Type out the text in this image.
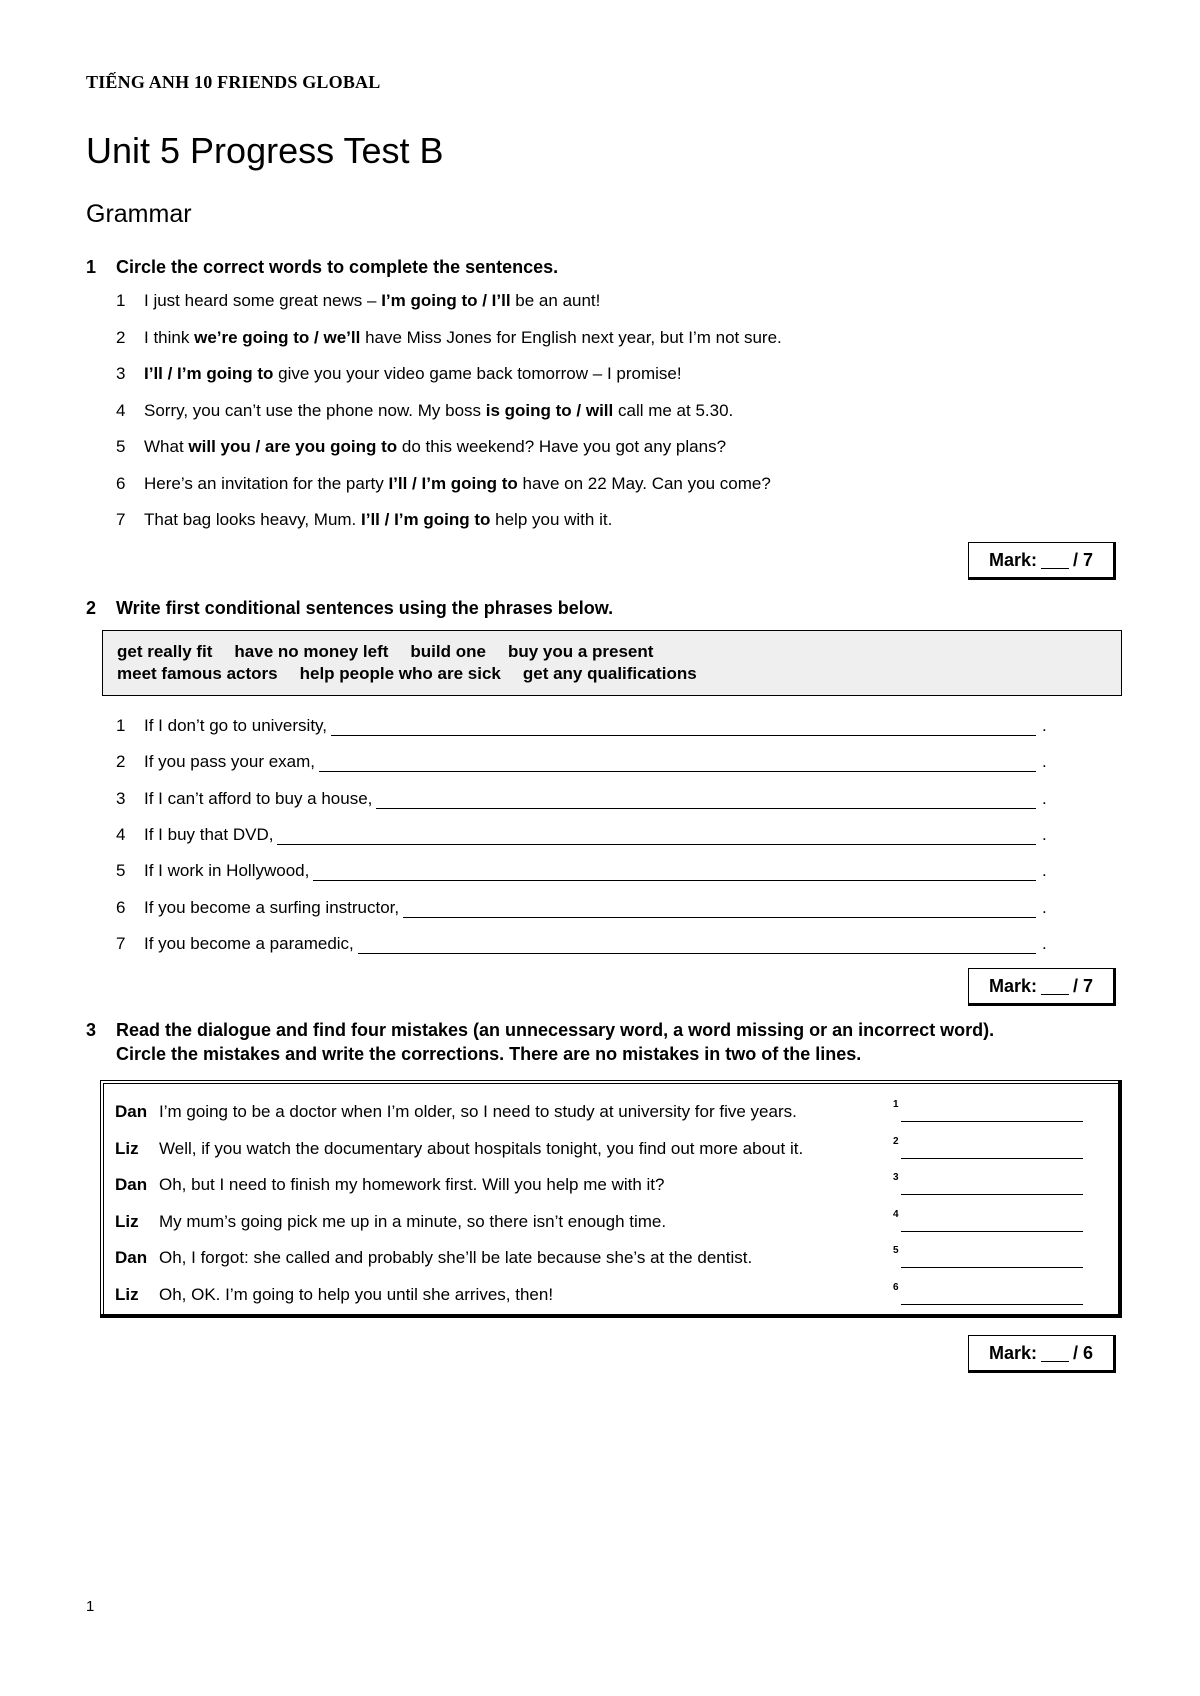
TIẾNG ANH 10 FRIENDS GLOBAL
Unit 5 Progress Test B
Grammar
1 Circle the correct words to complete the sentences.
1 I just heard some great news – I’m going to / I’ll be an aunt!
2 I think we’re going to / we’ll have Miss Jones for English next year, but I’m not sure.
3 I’ll / I’m going to give you your video game back tomorrow – I promise!
4 Sorry, you can’t use the phone now. My boss is going to / will call me at 5.30.
5 What will you / are you going to do this weekend? Have you got any plans?
6 Here’s an invitation for the party I’ll / I’m going to have on 22 May. Can you come?
7 That bag looks heavy, Mum. I’ll / I’m going to help you with it.
Mark: / 7
2 Write first conditional sentences using the phrases below.
get really fit have no money left build one buy you a present
meet famous actors help people who are sick get any qualifications
1 If I don’t go to university,	.
2 If you pass your exam,	.
3 If I can’t afford to buy a house,	.
4 If I buy that DVD,	.
5 If I work in Hollywood,	.
6 If you become a surfing instructor,	.
7 If you become a paramedic,	.
Mark: / 7
3 Read the dialogue and find four mistakes (an unnecessary word, a word missing or an incorrect word).
Circle the mistakes and write the corrections. There are no mistakes in two of the lines.
Dan I’m going to be a doctor when I’m older, so I need to study at university for five years.	1
Liz Well, if you watch the documentary about hospitals tonight, you find out more about it.	2
Dan Oh, but I need to finish my homework first. Will you help me with it?	3
Liz My mum’s going pick me up in a minute, so there isn’t enough time.	4
Dan Oh, I forgot: she called and probably she’ll be late because she’s at the dentist.	5
Liz Oh, OK. I’m going to help you until she arrives, then!	6
Mark: / 6
1
